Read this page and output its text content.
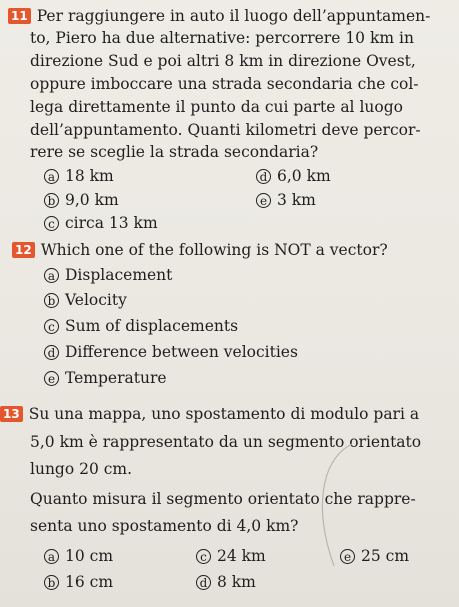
11 Per raggiungere in auto il luogo dell’appuntamen-
to, Piero ha due alternative: percorrere 10 km in
direzione Sud e poi altri 8 km in direzione Ovest,
oppure imboccare una strada secondaria che col-
lega direttamente il punto da cui parte al luogo
dell’appuntamento. Quanti kilometri deve percor-
rere se sceglie la strada secondaria?
a 18 km	d 6,0 km
b 9,0 km	e 3 km
c circa 13 km
12 Which one of the following is NOT a vector?
a Displacement
b Velocity
c Sum of displacements
d Difference between velocities
e Temperature
13 Su una mappa, uno spostamento di modulo pari a
5,0 km è rappresentato da un segmento orientato
lungo 20 cm.
Quanto misura il segmento orientato che rappre-
senta uno spostamento di 4,0 km?
a 10 cm	c 24 km	e 25 cm
b 16 cm	d 8 km
